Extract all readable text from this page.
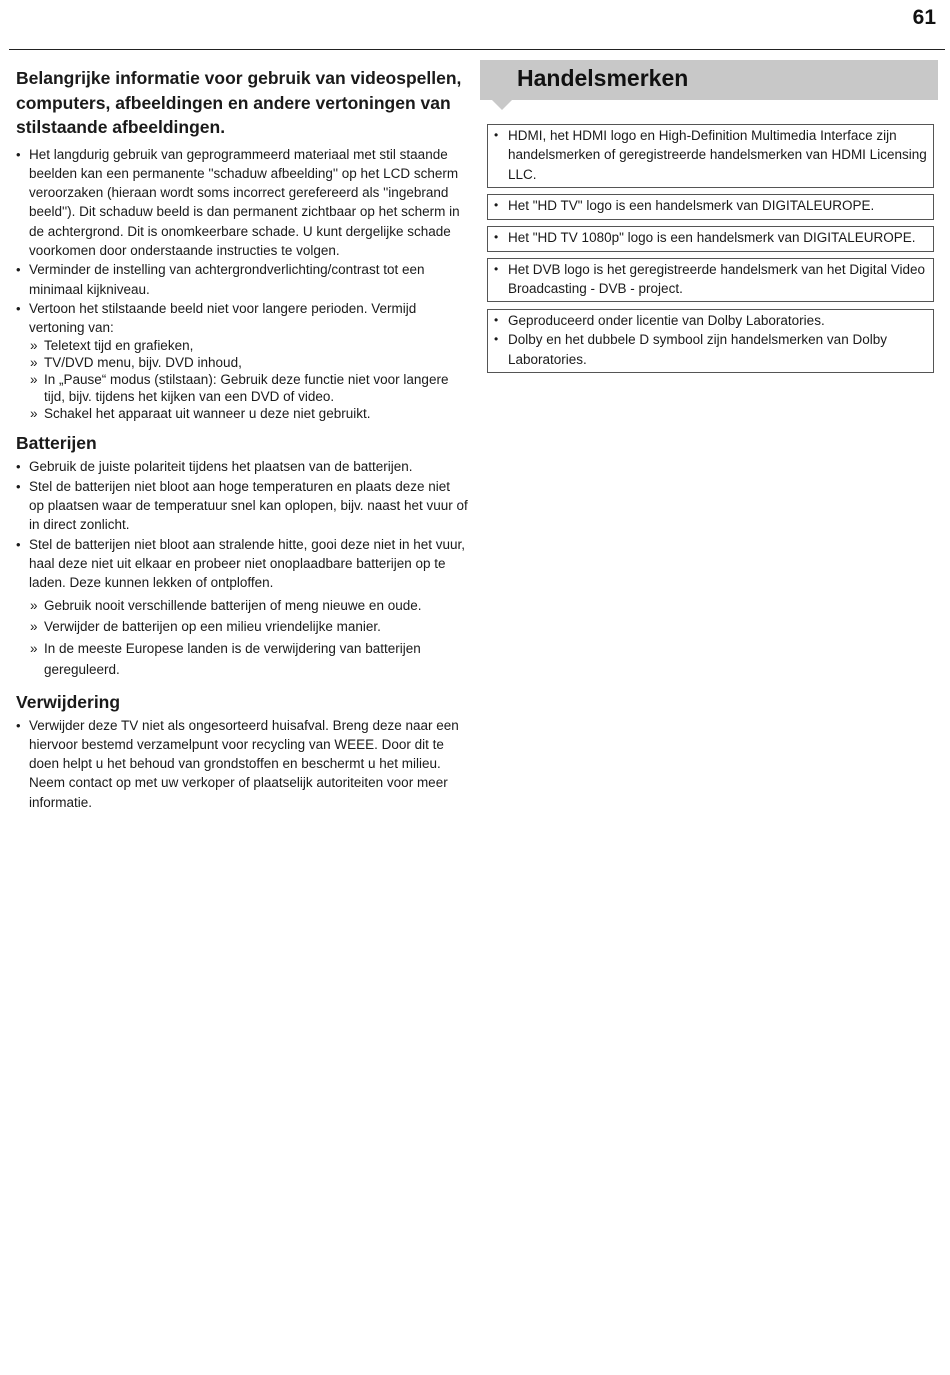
61
Belangrijke informatie voor gebruik van videospellen, computers, afbeeldingen en andere vertoningen van stilstaande afbeeldingen.
• Het langdurig gebruik van geprogrammeerd materiaal met stil staande beelden kan een permanente ''schaduw afbeelding'' op het LCD scherm veroorzaken (hieraan wordt soms incorrect gerefereerd als ''ingebrand beeld''). Dit schaduw beeld is dan permanent zichtbaar op het scherm in de achtergrond. Dit is onomkeerbare schade. U kunt dergelijke schade voorkomen door onderstaande instructies te volgen.
• Verminder de instelling van achtergrondverlichting/contrast tot een minimaal kijkniveau.
• Vertoon het stilstaande beeld niet voor langere perioden. Vermijd vertoning van:
» Teletext tijd en grafieken,
» TV/DVD menu, bijv. DVD inhoud,
» In „Pause“ modus (stilstaan): Gebruik deze functie niet voor langere tijd, bijv. tijdens het kijken van een DVD of video.
» Schakel het apparaat uit wanneer u deze niet gebruikt.
Batterijen
• Gebruik de juiste polariteit tijdens het plaatsen van de batterijen.
• Stel de batterijen niet bloot aan hoge temperaturen en plaats deze niet op plaatsen waar de temperatuur snel kan oplopen, bijv. naast het vuur of in direct zonlicht.
• Stel de batterijen niet bloot aan stralende hitte, gooi deze niet in het vuur, haal deze niet uit elkaar en probeer niet onoplaadbare batterijen op te laden. Deze kunnen lekken of ontploffen.
» Gebruik nooit verschillende batterijen of meng nieuwe en oude.
» Verwijder de batterijen op een milieu vriendelijke manier.
» In de meeste Europese landen is de verwijdering van batterijen gereguleerd.
Verwijdering
• Verwijder deze TV niet als ongesorteerd huisafval. Breng deze naar een hiervoor bestemd verzamelpunt voor recycling van WEEE. Door dit te doen helpt u het behoud van grondstoffen en beschermt u het milieu. Neem contact op met uw verkoper of plaatselijk autoriteiten voor meer informatie.
Handelsmerken
• HDMI, het HDMI logo en High-Definition Multimedia Interface zijn handelsmerken of geregistreerde handelsmerken van HDMI Licensing LLC.
• Het "HD TV" logo is een handelsmerk van DIGITALEUROPE.
• Het "HD TV 1080p" logo is een handelsmerk van DIGITALEUROPE.
• Het DVB logo is het geregistreerde handelsmerk van het Digital Video Broadcasting - DVB - project.
• Geproduceerd onder licentie van Dolby Laboratories.
• Dolby en het dubbele D symbool zijn handelsmerken van Dolby Laboratories.
